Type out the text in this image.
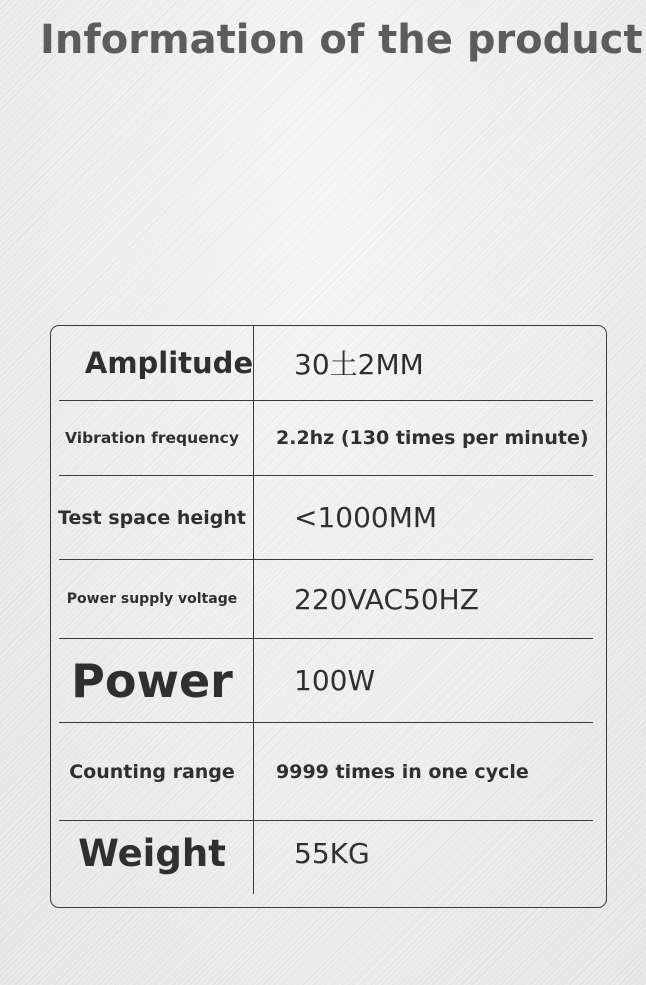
Information of the product
Amplitude	30土2MM
Vibration frequency	2.2hz (130 times per minute)
Test space height	<1000MM
Power supply voltage	220VAC50HZ
Power	100W
Counting range	9999 times in one cycle
Weight	55KG
